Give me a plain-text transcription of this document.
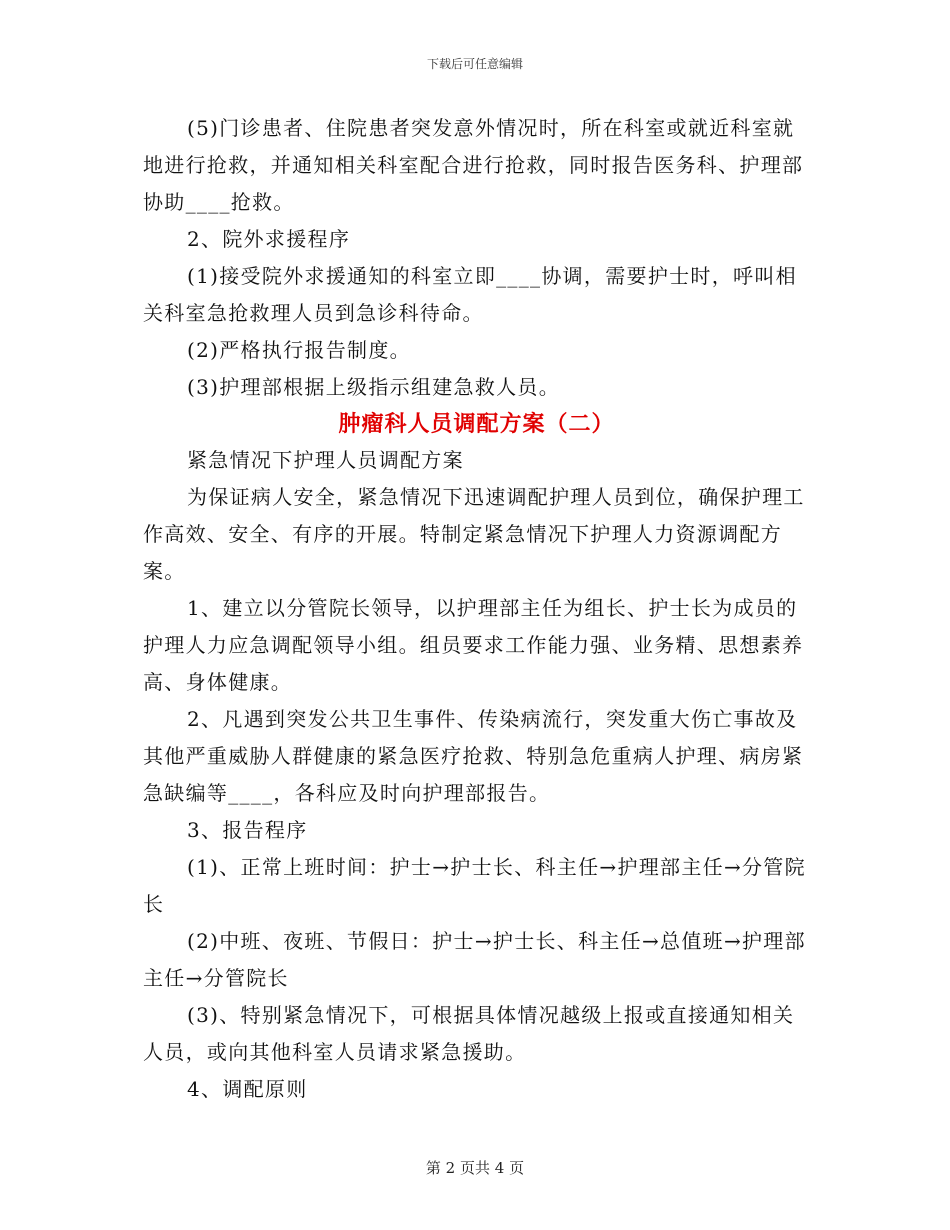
下载后可任意编辑

(5)门诊患者、住院患者突发意外情况时，所在科室或就近科室就地进行抢救，并通知相关科室配合进行抢救，同时报告医务科、护理部协助____抢救。

2、院外求援程序

(1)接受院外求援通知的科室立即____协调，需要护士时，呼叫相关科室急抢救理人员到急诊科待命。

(2)严格执行报告制度。

(3)护理部根据上级指示组建急救人员。

肿瘤科人员调配方案（二）

紧急情况下护理人员调配方案

为保证病人安全，紧急情况下迅速调配护理人员到位，确保护理工作高效、安全、有序的开展。特制定紧急情况下护理人力资源调配方案。

1、建立以分管院长领导，以护理部主任为组长、护士长为成员的护理人力应急调配领导小组。组员要求工作能力强、业务精、思想素养高、身体健康。

2、凡遇到突发公共卫生事件、传染病流行，突发重大伤亡事故及其他严重威胁人群健康的紧急医疗抢救、特别急危重病人护理、病房紧急缺编等____，各科应及时向护理部报告。

3、报告程序

(1)、正常上班时间：护士→护士长、科主任→护理部主任→分管院长

(2)中班、夜班、节假日：护士→护士长、科主任→总值班→护理部主任→分管院长

(3)、特别紧急情况下，可根据具体情况越级上报或直接通知相关人员，或向其他科室人员请求紧急援助。

4、调配原则

第 2 页共 4 页
